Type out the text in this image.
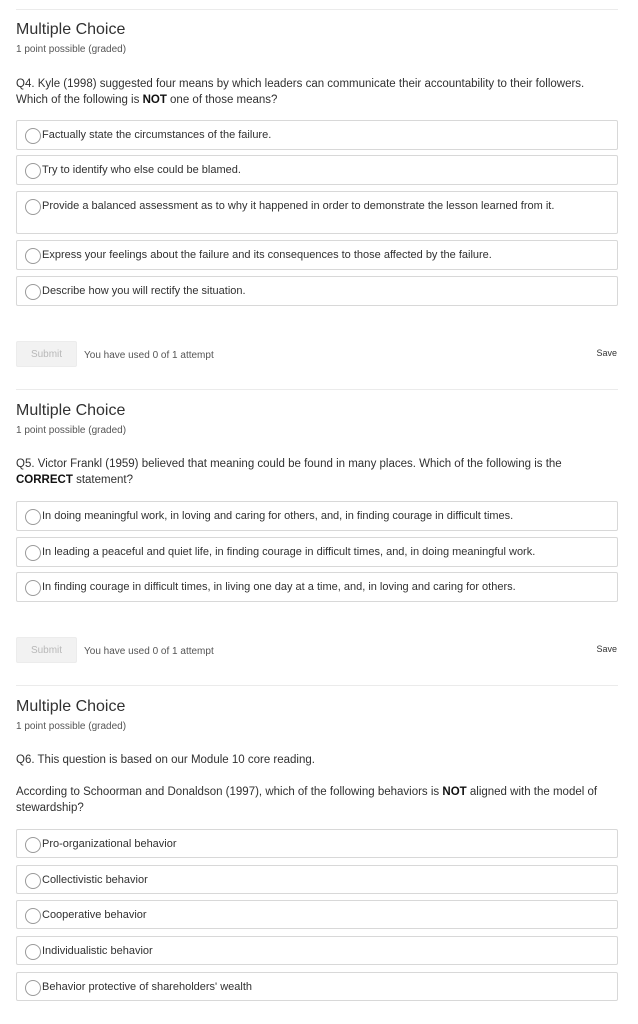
Multiple Choice
1 point possible (graded)
Q4. Kyle (1998) suggested four means by which leaders can communicate their accountability to their followers. Which of the following is NOT one of those means?
Factually state the circumstances of the failure.
Try to identify who else could be blamed.
Provide a balanced assessment as to why it happened in order to demonstrate the lesson learned from it.
Express your feelings about the failure and its consequences to those affected by the failure.
Describe how you will rectify the situation.
Submit	You have used 0 of 1 attempt	Save
Multiple Choice
1 point possible (graded)
Q5. Victor Frankl (1959) believed that meaning could be found in many places. Which of the following is the CORRECT statement?
In doing meaningful work, in loving and caring for others, and, in finding courage in difficult times.
In leading a peaceful and quiet life, in finding courage in difficult times, and, in doing meaningful work.
In finding courage in difficult times, in living one day at a time, and, in loving and caring for others.
Submit	You have used 0 of 1 attempt	Save
Multiple Choice
1 point possible (graded)

Q6. This question is based on our Module 10 core reading.

According to Schoorman and Donaldson (1997), which of the following behaviors is NOT aligned with the model of stewardship?

Pro-organizational behavior
Collectivistic behavior
Cooperative behavior
Individualistic behavior
Behavior protective of shareholders' wealth
